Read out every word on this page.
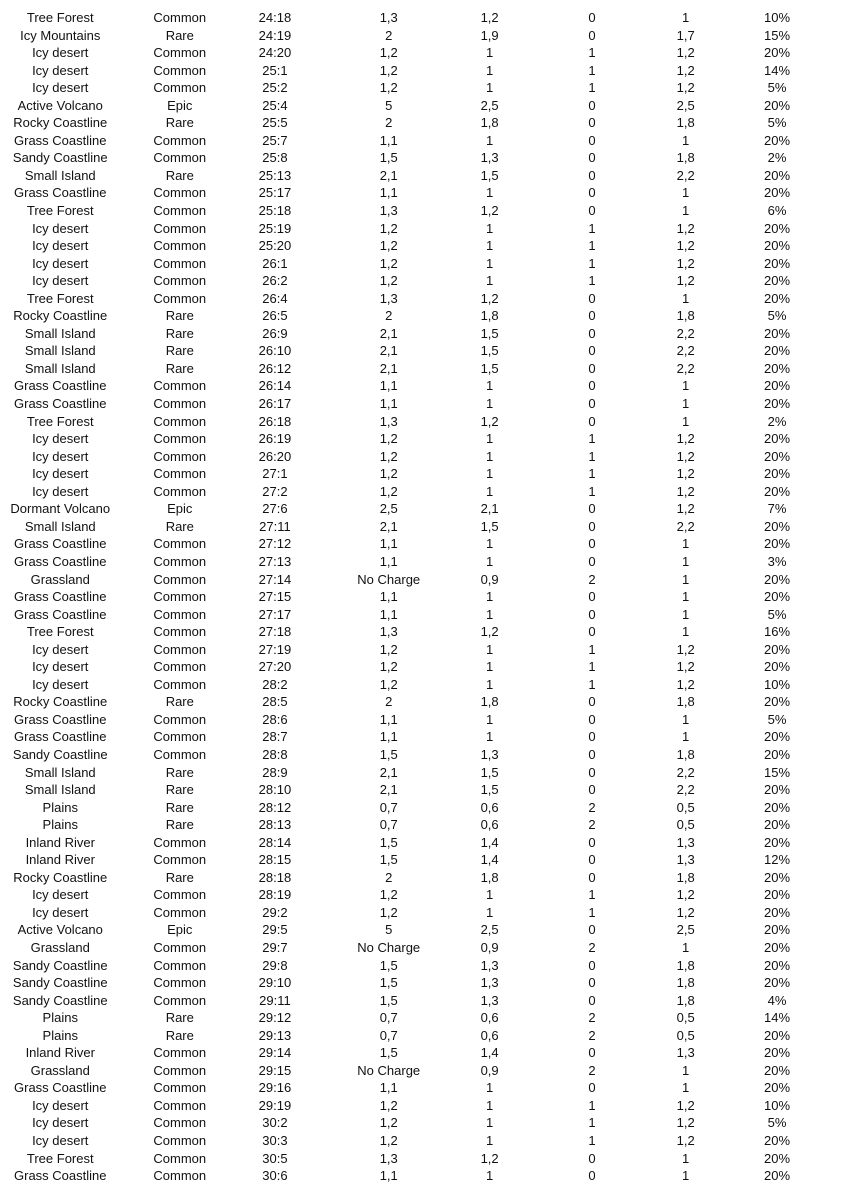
Tree Forest	Common	24:18	1,3	1,2	0	1	10%
Icy Mountains	Rare	24:19	2	1,9	0	1,7	15%
Icy desert	Common	24:20	1,2	1	1	1,2	20%
Icy desert	Common	25:1	1,2	1	1	1,2	14%
Icy desert	Common	25:2	1,2	1	1	1,2	5%
Active Volcano	Epic	25:4	5	2,5	0	2,5	20%
Rocky Coastline	Rare	25:5	2	1,8	0	1,8	5%
Grass Coastline	Common	25:7	1,1	1	0	1	20%
Sandy Coastline	Common	25:8	1,5	1,3	0	1,8	2%
Small Island	Rare	25:13	2,1	1,5	0	2,2	20%
Grass Coastline	Common	25:17	1,1	1	0	1	20%
Tree Forest	Common	25:18	1,3	1,2	0	1	6%
Icy desert	Common	25:19	1,2	1	1	1,2	20%
Icy desert	Common	25:20	1,2	1	1	1,2	20%
Icy desert	Common	26:1	1,2	1	1	1,2	20%
Icy desert	Common	26:2	1,2	1	1	1,2	20%
Tree Forest	Common	26:4	1,3	1,2	0	1	20%
Rocky Coastline	Rare	26:5	2	1,8	0	1,8	5%
Small Island	Rare	26:9	2,1	1,5	0	2,2	20%
Small Island	Rare	26:10	2,1	1,5	0	2,2	20%
Small Island	Rare	26:12	2,1	1,5	0	2,2	20%
Grass Coastline	Common	26:14	1,1	1	0	1	20%
Grass Coastline	Common	26:17	1,1	1	0	1	20%
Tree Forest	Common	26:18	1,3	1,2	0	1	2%
Icy desert	Common	26:19	1,2	1	1	1,2	20%
Icy desert	Common	26:20	1,2	1	1	1,2	20%
Icy desert	Common	27:1	1,2	1	1	1,2	20%
Icy desert	Common	27:2	1,2	1	1	1,2	20%
Dormant Volcano	Epic	27:6	2,5	2,1	0	1,2	7%
Small Island	Rare	27:11	2,1	1,5	0	2,2	20%
Grass Coastline	Common	27:12	1,1	1	0	1	20%
Grass Coastline	Common	27:13	1,1	1	0	1	3%
Grassland	Common	27:14	No Charge	0,9	2	1	20%
Grass Coastline	Common	27:15	1,1	1	0	1	20%
Grass Coastline	Common	27:17	1,1	1	0	1	5%
Tree Forest	Common	27:18	1,3	1,2	0	1	16%
Icy desert	Common	27:19	1,2	1	1	1,2	20%
Icy desert	Common	27:20	1,2	1	1	1,2	20%
Icy desert	Common	28:2	1,2	1	1	1,2	10%
Rocky Coastline	Rare	28:5	2	1,8	0	1,8	20%
Grass Coastline	Common	28:6	1,1	1	0	1	5%
Grass Coastline	Common	28:7	1,1	1	0	1	20%
Sandy Coastline	Common	28:8	1,5	1,3	0	1,8	20%
Small Island	Rare	28:9	2,1	1,5	0	2,2	15%
Small Island	Rare	28:10	2,1	1,5	0	2,2	20%
Plains	Rare	28:12	0,7	0,6	2	0,5	20%
Plains	Rare	28:13	0,7	0,6	2	0,5	20%
Inland River	Common	28:14	1,5	1,4	0	1,3	20%
Inland River	Common	28:15	1,5	1,4	0	1,3	12%
Rocky Coastline	Rare	28:18	2	1,8	0	1,8	20%
Icy desert	Common	28:19	1,2	1	1	1,2	20%
Icy desert	Common	29:2	1,2	1	1	1,2	20%
Active Volcano	Epic	29:5	5	2,5	0	2,5	20%
Grassland	Common	29:7	No Charge	0,9	2	1	20%
Sandy Coastline	Common	29:8	1,5	1,3	0	1,8	20%
Sandy Coastline	Common	29:10	1,5	1,3	0	1,8	20%
Sandy Coastline	Common	29:11	1,5	1,3	0	1,8	4%
Plains	Rare	29:12	0,7	0,6	2	0,5	14%
Plains	Rare	29:13	0,7	0,6	2	0,5	20%
Inland River	Common	29:14	1,5	1,4	0	1,3	20%
Grassland	Common	29:15	No Charge	0,9	2	1	20%
Grass Coastline	Common	29:16	1,1	1	0	1	20%
Icy desert	Common	29:19	1,2	1	1	1,2	10%
Icy desert	Common	30:2	1,2	1	1	1,2	5%
Icy desert	Common	30:3	1,2	1	1	1,2	20%
Tree Forest	Common	30:5	1,3	1,2	0	1	20%
Grass Coastline	Common	30:6	1,1	1	0	1	20%
